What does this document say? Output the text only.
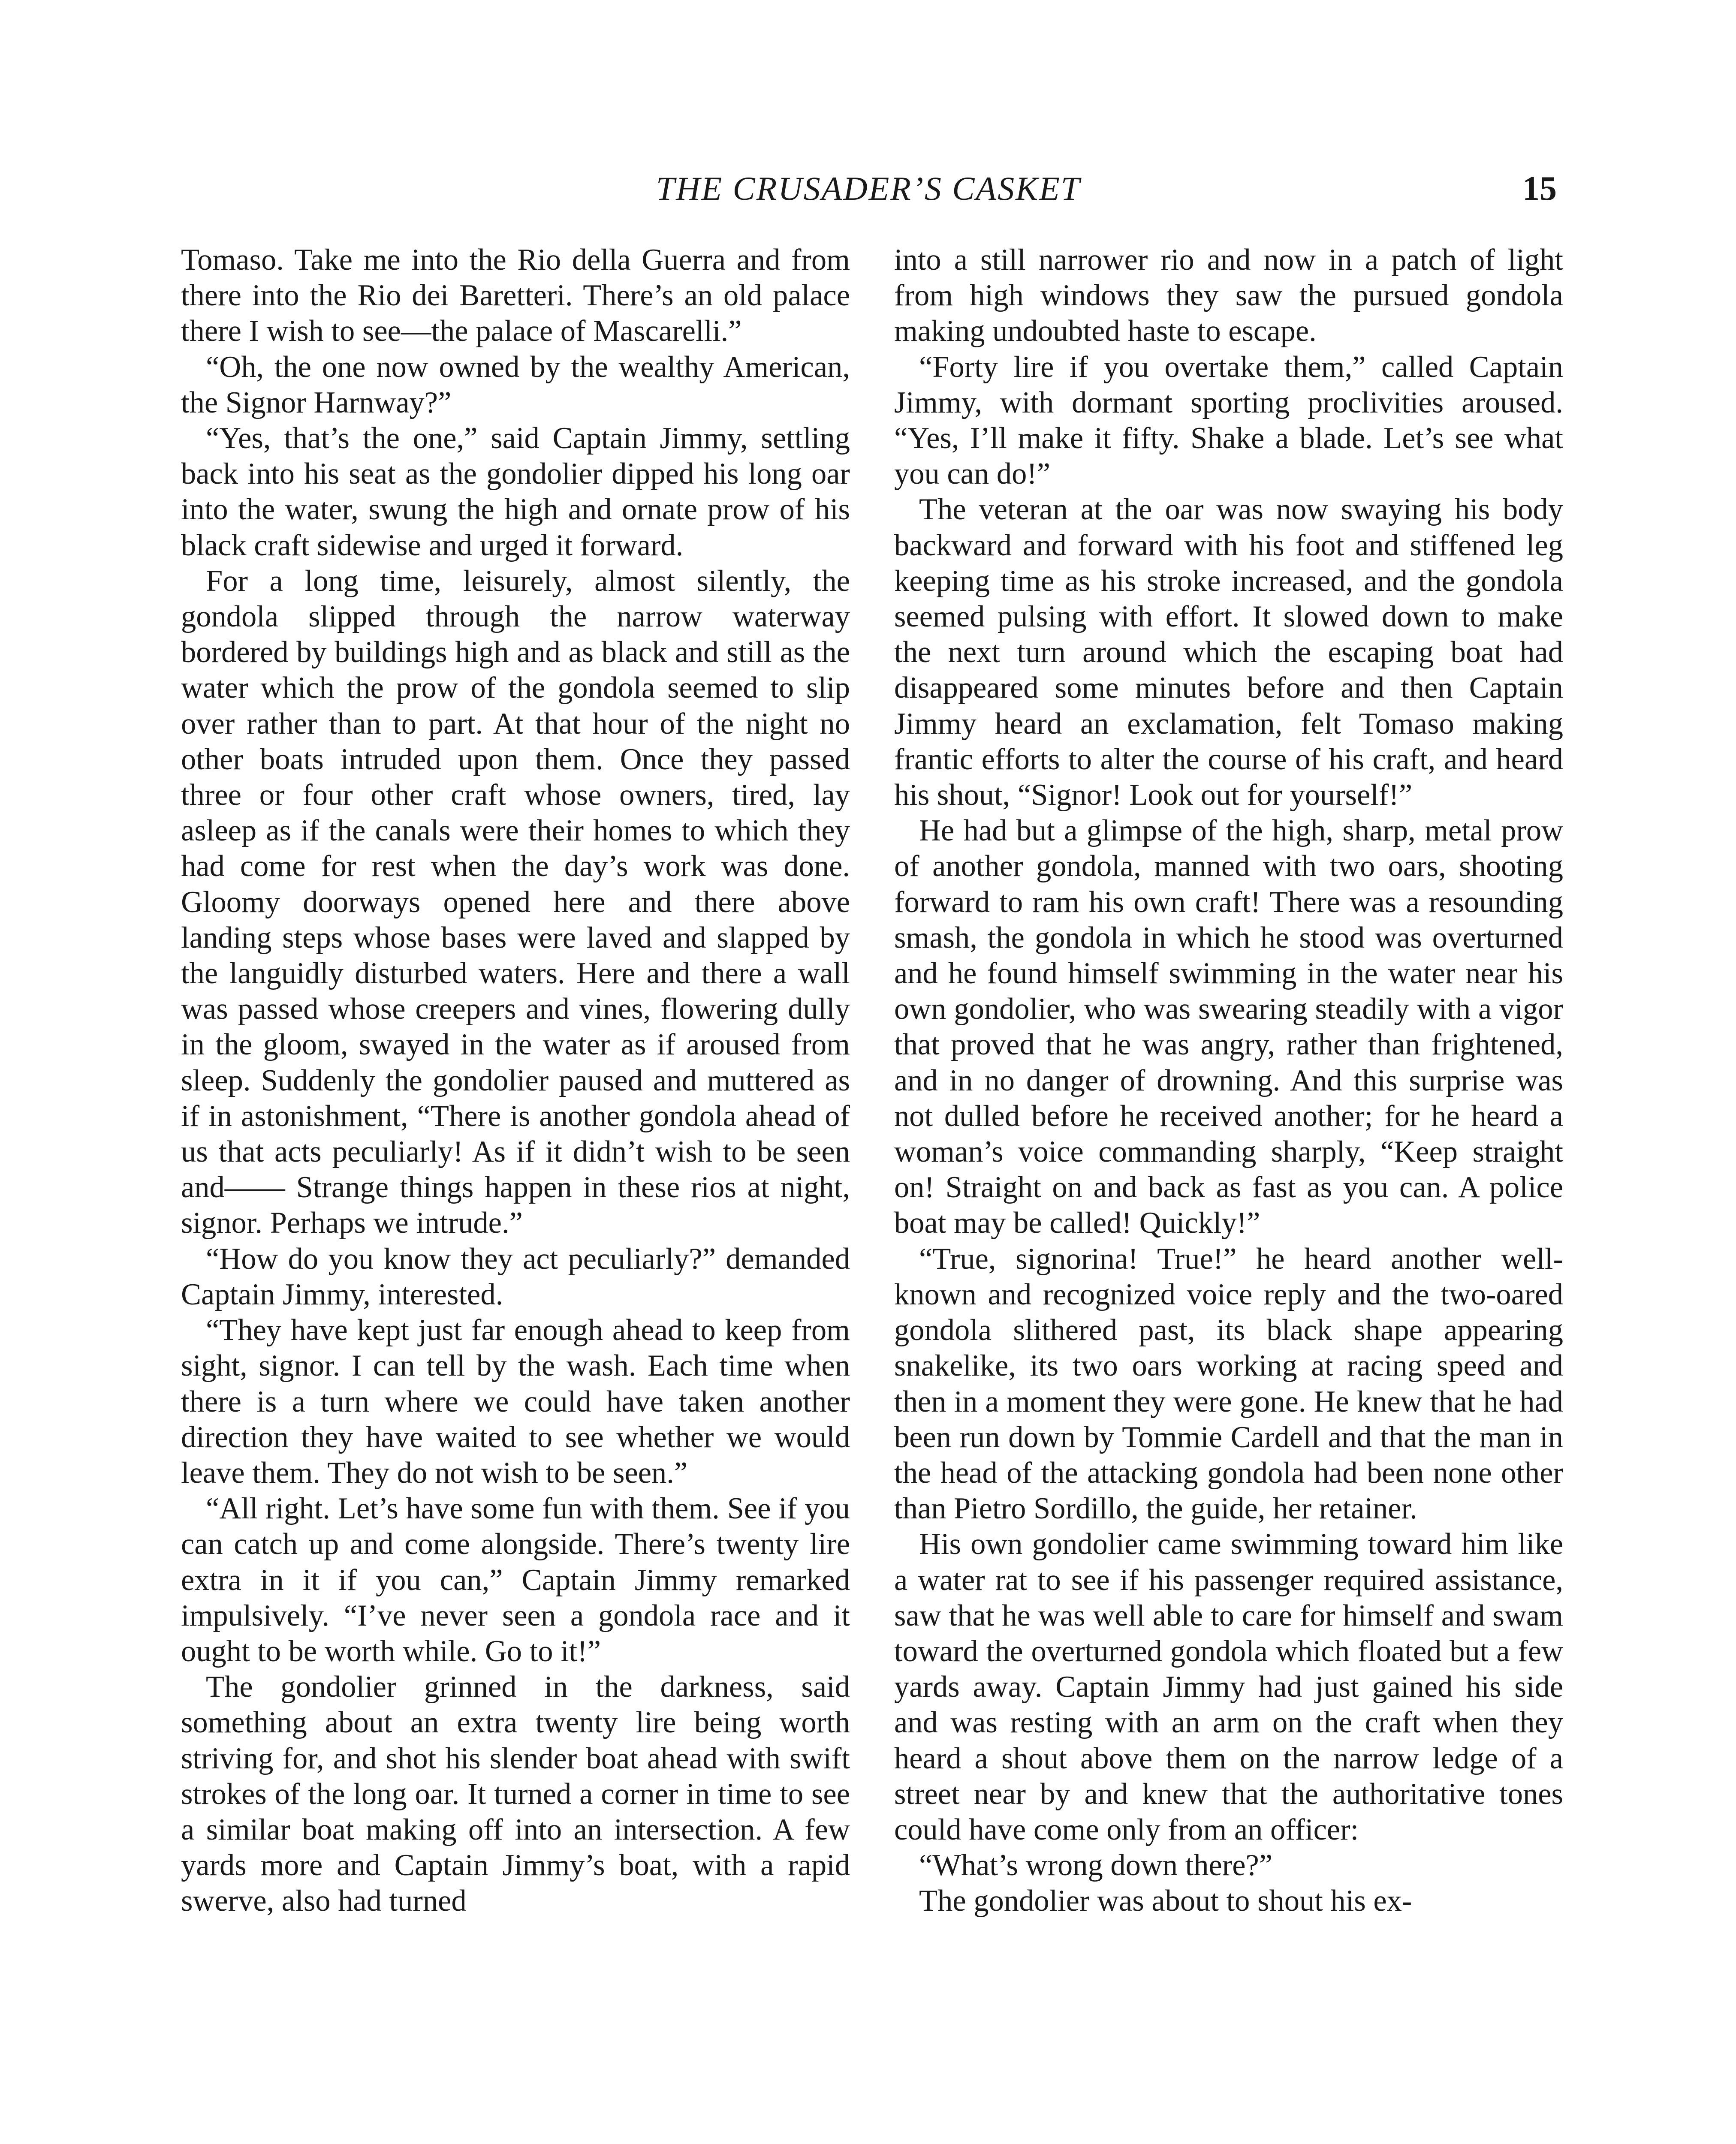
THE CRUSADER’S CASKET	15

Tomaso. Take me into the Rio della Guerra and from there into the Rio dei Baretteri. There’s an old palace there I wish to see—the palace of Mascarelli.”

“Oh, the one now owned by the wealthy American, the Signor Harnway?”

“Yes, that’s the one,” said Captain Jimmy, settling back into his seat as the gondolier dipped his long oar into the water, swung the high and ornate prow of his black craft sidewise and urged it forward.

For a long time, leisurely, almost silently, the gondola slipped through the narrow waterway bordered by buildings high and as black and still as the water which the prow of the gondola seemed to slip over rather than to part. At that hour of the night no other boats intruded upon them. Once they passed three or four other craft whose owners, tired, lay asleep as if the canals were their homes to which they had come for rest when the day’s work was done. Gloomy doorways opened here and there above landing steps whose bases were laved and slapped by the languidly disturbed waters. Here and there a wall was passed whose creepers and vines, flowering dully in the gloom, swayed in the water as if aroused from sleep. Suddenly the gondolier paused and muttered as if in astonishment, “There is another gondola ahead of us that acts peculiarly! As if it didn’t wish to be seen and—— Strange things happen in these rios at night, signor. Perhaps we intrude.”

“How do you know they act peculiarly?” demanded Captain Jimmy, interested.

“They have kept just far enough ahead to keep from sight, signor. I can tell by the wash. Each time when there is a turn where we could have taken another direction they have waited to see whether we would leave them. They do not wish to be seen.”

“All right. Let’s have some fun with them. See if you can catch up and come alongside. There’s twenty lire extra in it if you can,” Captain Jimmy remarked impulsively. “I’ve never seen a gondola race and it ought to be worth while. Go to it!”

The gondolier grinned in the darkness, said something about an extra twenty lire being worth striving for, and shot his slender boat ahead with swift strokes of the long oar. It turned a corner in time to see a similar boat making off into an intersection. A few yards more and Captain Jimmy’s boat, with a rapid swerve, also had turned

into a still narrower rio and now in a patch of light from high windows they saw the pursued gondola making undoubted haste to escape.

“Forty lire if you overtake them,” called Captain Jimmy, with dormant sporting proclivities aroused. “Yes, I’ll make it fifty. Shake a blade. Let’s see what you can do!”

The veteran at the oar was now swaying his body backward and forward with his foot and stiffened leg keeping time as his stroke increased, and the gondola seemed pulsing with effort. It slowed down to make the next turn around which the escaping boat had disappeared some minutes before and then Captain Jimmy heard an exclamation, felt Tomaso making frantic efforts to alter the course of his craft, and heard his shout, “Signor! Look out for yourself!”

He had but a glimpse of the high, sharp, metal prow of another gondola, manned with two oars, shooting forward to ram his own craft! There was a resounding smash, the gondola in which he stood was overturned and he found himself swimming in the water near his own gondolier, who was swearing steadily with a vigor that proved that he was angry, rather than frightened, and in no danger of drowning. And this surprise was not dulled before he received another; for he heard a woman’s voice commanding sharply, “Keep straight on! Straight on and back as fast as you can. A police boat may be called! Quickly!”

“True, signorina! True!” he heard another well-known and recognized voice reply and the two-oared gondola slithered past, its black shape appearing snakelike, its two oars working at racing speed and then in a moment they were gone. He knew that he had been run down by Tommie Cardell and that the man in the head of the attacking gondola had been none other than Pietro Sordillo, the guide, her retainer.

His own gondolier came swimming toward him like a water rat to see if his passenger required assistance, saw that he was well able to care for himself and swam toward the overturned gondola which floated but a few yards away. Captain Jimmy had just gained his side and was resting with an arm on the craft when they heard a shout above them on the narrow ledge of a street near by and knew that the authoritative tones could have come only from an officer:

“What’s wrong down there?”

The gondolier was about to shout his ex-
